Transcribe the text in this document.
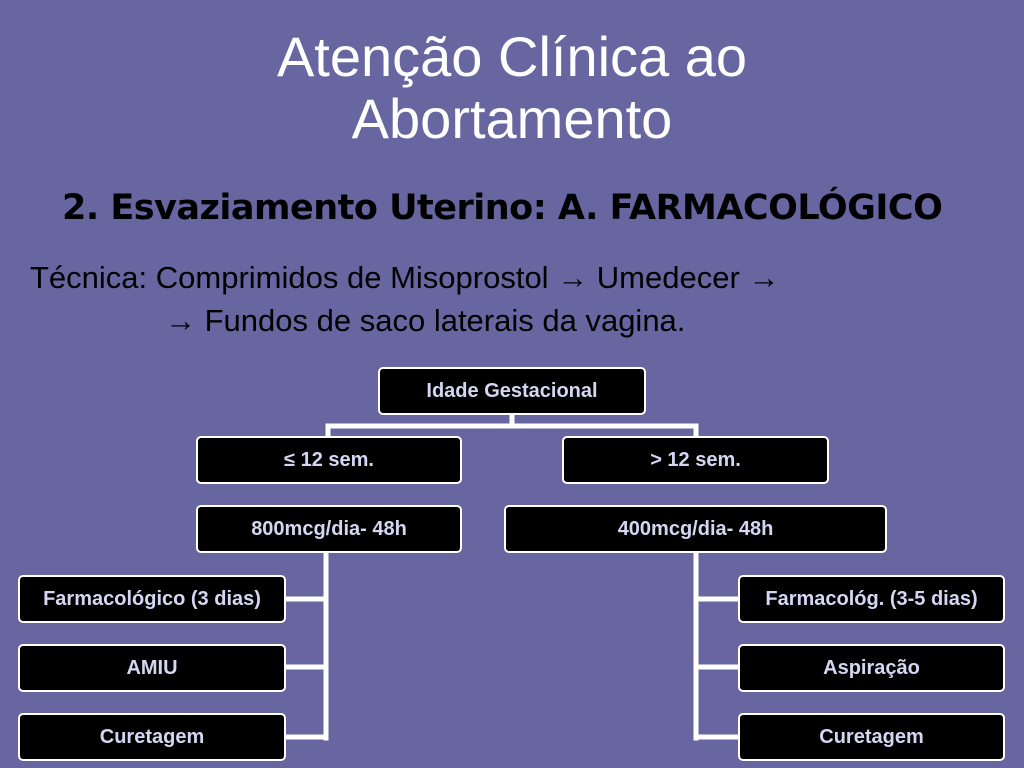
Atenção Clínica ao
Abortamento
2. Esvaziamento Uterino: A. FARMACOLÓGICO

Técnica: Comprimidos de Misoprostol → Umedecer →
→ Fundos de saco laterais da vagina.

Idade Gestacional
≤ 12 sem.	> 12 sem.
800mcg/dia- 48h	400mcg/dia- 48h
Farmacológico (3 dias)
AMIU
Curetagem
Farmacológ. (3-5 dias)
Aspiração
Curetagem
